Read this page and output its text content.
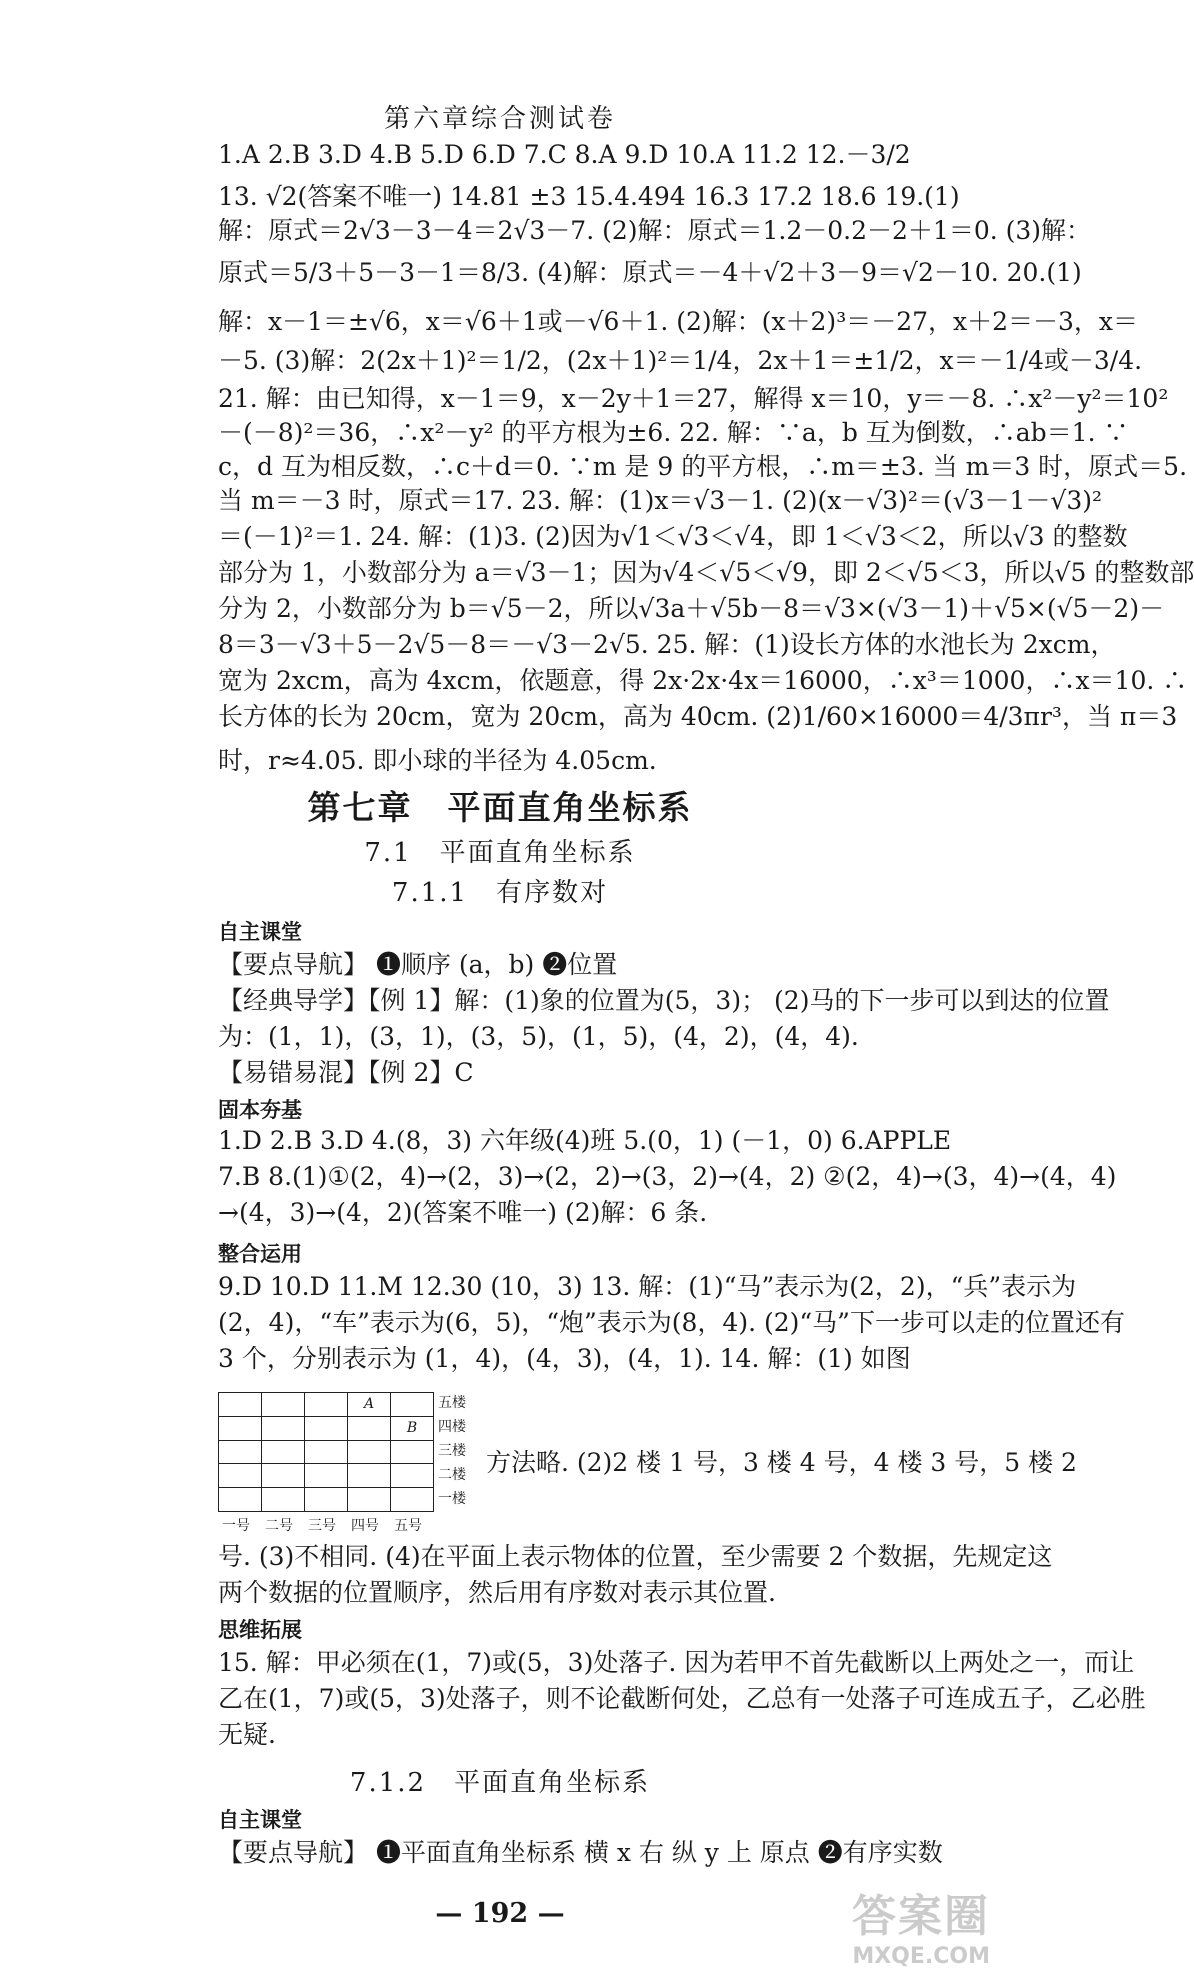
第六章综合测试卷
1.A 2.B 3.D 4.B 5.D 6.D 7.C 8.A 9.D 10.A 11.2 12.－3/2
13. √2(答案不唯一) 14.81 ±3 15.4.494 16.3 17.2 18.6 19.(1)
解：原式＝2√3－3－4＝2√3－7. (2)解：原式＝1.2－0.2－2＋1＝0. (3)解：
原式＝5/3＋5－3－1＝8/3. (4)解：原式＝－4＋√2＋3－9＝√2－10. 20.(1)
解：x－1＝±√6，x＝√6＋1或－√6＋1. (2)解：(x＋2)³＝－27，x＋2＝－3，x＝
－5. (3)解：2(2x＋1)²＝1/2，(2x＋1)²＝1/4，2x＋1＝±1/2，x＝－1/4或－3/4.
21. 解：由已知得，x－1＝9，x－2y＋1＝27，解得 x＝10，y＝－8. ∴x²－y²＝10²
－(－8)²＝36，∴x²－y² 的平方根为±6. 22. 解：∵a，b 互为倒数，∴ab＝1. ∵
c，d 互为相反数，∴c＋d＝0. ∵m 是 9 的平方根，∴m＝±3. 当 m＝3 时，原式＝5.
当 m＝－3 时，原式＝17. 23. 解：(1)x＝√3－1. (2)(x－√3)²＝(√3－1－√3)²
＝(－1)²＝1. 24. 解：(1)3. (2)因为√1＜√3＜√4，即 1＜√3＜2，所以√3 的整数
部分为 1，小数部分为 a＝√3－1；因为√4＜√5＜√9，即 2＜√5＜3，所以√5 的整数部
分为 2，小数部分为 b＝√5－2，所以√3a＋√5b－8＝√3×(√3－1)＋√5×(√5－2)－
8＝3－√3＋5－2√5－8＝－√3－2√5. 25. 解：(1)设长方体的水池长为 2xcm，
宽为 2xcm，高为 4xcm，依题意，得 2x·2x·4x＝16000，∴x³＝1000，∴x＝10. ∴
长方体的长为 20cm，宽为 20cm，高为 40cm. (2)1/60×16000＝4/3πr³，当 π＝3
时，r≈4.05. 即小球的半径为 4.05cm.
第七章　平面直角坐标系
7.1　平面直角坐标系
7.1.1　有序数对
自主课堂
【要点导航】 ❶顺序 (a，b) ❷位置
【经典导学】【例 1】解：(1)象的位置为(5，3)； (2)马的下一步可以到达的位置
为：(1，1)，(3，1)，(3，5)，(1，5)，(4，2)，(4，4).
【易错易混】【例 2】C
固本夯基
1.D 2.B 3.D 4.(8，3) 六年级(4)班 5.(0，1) (－1，0) 6.APPLE
7.B 8.(1)①(2，4)→(2，3)→(2，2)→(3，2)→(4，2) ②(2，4)→(3，4)→(4，4)
→(4，3)→(4，2)(答案不唯一) (2)解：6 条.
整合运用
9.D 10.D 11.M 12.30 (10，3) 13. 解：(1)“马”表示为(2，2)，“兵”表示为
(2，4)，“车”表示为(6，5)，“炮”表示为(8，4). (2)“马”下一步可以走的位置还有
3 个，分别表示为 (1，4)，(4，3)，(4，1). 14. 解：(1) 如图
			A	
				B

五楼
四楼
三楼
二楼
一楼
一号 二号 三号 四号 五号
方法略. (2)2 楼 1 号，3 楼 4 号，4 楼 3 号，5 楼 2
号. (3)不相同. (4)在平面上表示物体的位置，至少需要 2 个数据，先规定这
两个数据的位置顺序，然后用有序数对表示其位置.
思维拓展
15. 解：甲必须在(1，7)或(5，3)处落子. 因为若甲不首先截断以上两处之一，而让
乙在(1，7)或(5，3)处落子，则不论截断何处，乙总有一处落子可连成五子，乙必胜
无疑.
7.1.2　平面直角坐标系
自主课堂
【要点导航】 ❶平面直角坐标系 横 x 右 纵 y 上 原点 ❷有序实数
— 192 —	答案圈
MXQE.COM
